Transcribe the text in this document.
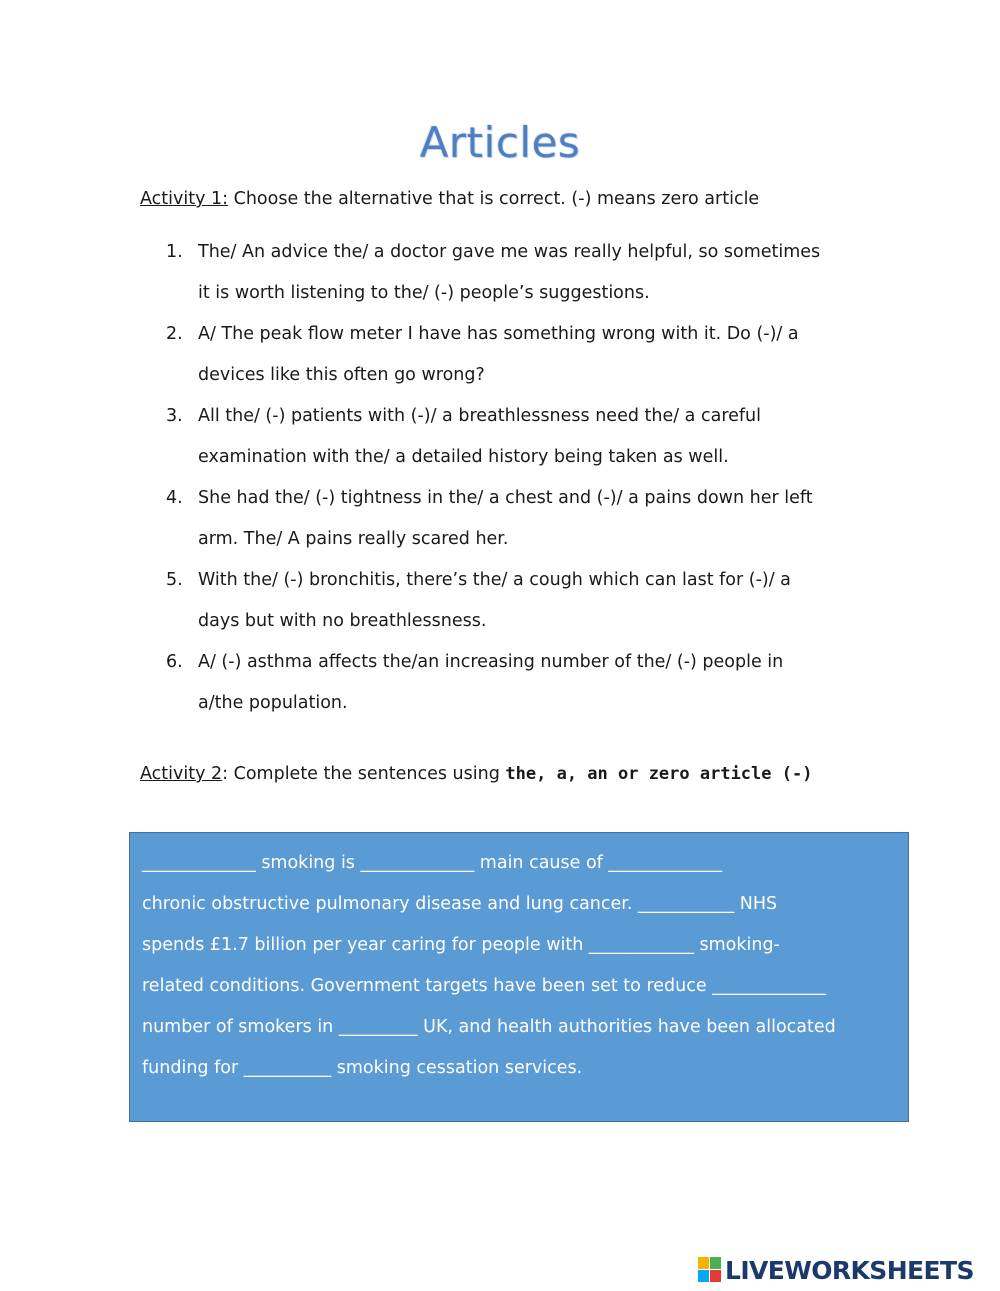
Articles
Activity 1: Choose the alternative that is correct. (-) means zero article
1. The/ An advice the/ a doctor gave me was really helpful, so sometimes
it is worth listening to the/ (-) people’s suggestions.
2. A/ The peak flow meter I have has something wrong with it. Do (-)/ a
devices like this often go wrong?
3. All the/ (-) patients with (-)/ a breathlessness need the/ a careful
examination with the/ a detailed history being taken as well.
4. She had the/ (-) tightness in the/ a chest and (-)/ a pains down her left
arm. The/ A pains really scared her.
5. With the/ (-) bronchitis, there’s the/ a cough which can last for (-)/ a
days but with no breathlessness.
6. A/ (-) asthma affects the/an increasing number of the/ (-) people in
a/the population.
Activity 2: Complete the sentences using the, a, an or zero article (-)
_____________ smoking is _____________ main cause of _____________
chronic obstructive pulmonary disease and lung cancer. ___________ NHS
spends £1.7 billion per year caring for people with ____________ smoking-
related conditions. Government targets have been set to reduce _____________
number of smokers in _________ UK, and health authorities have been allocated
funding for __________ smoking cessation services.
LIVEWORKSHEETS
